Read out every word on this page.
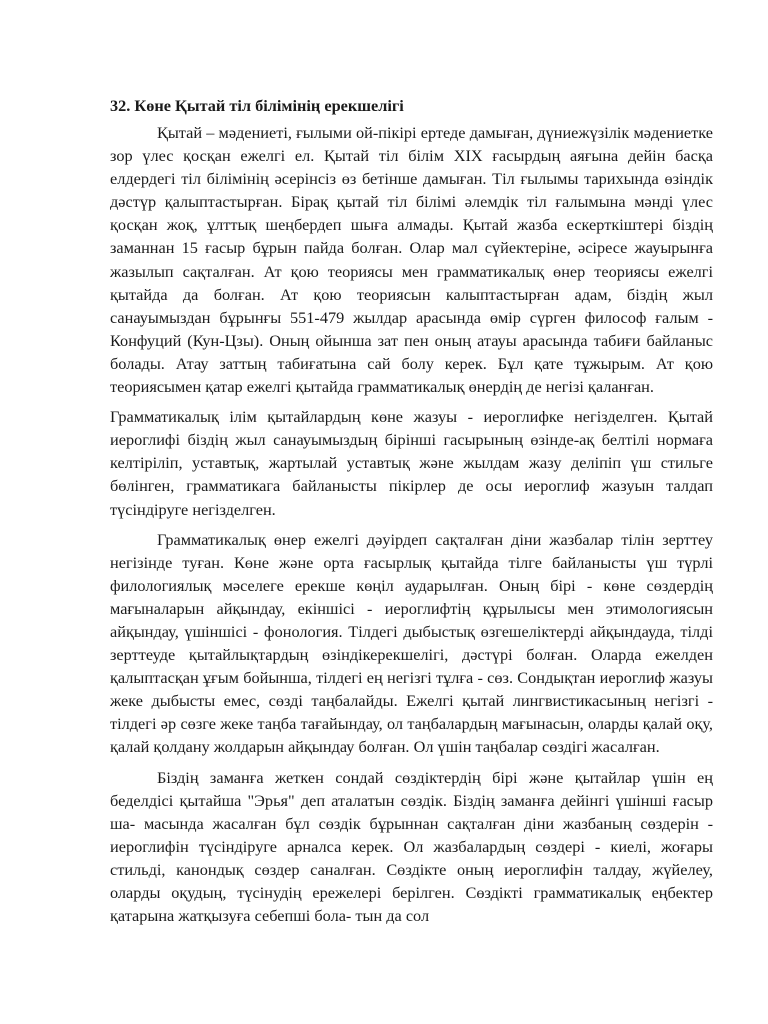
32. Көне Қытай тіл білімінің ерекшелігі

Қытай – мәдениеті, ғылыми ой-пікірі ертеде дамыған, дүниежүзілік мәдениетке зор үлес қосқан ежелгі ел. Қытай тіл білім XIX ғасырдың аяғына дейін басқа елдердегі тіл білімінің әсерінсіз өз бетінше дамыған. Тіл ғылымы тарихында өзіндік дәстүр қалыптастырған. Бірақ қытай тіл білімі әлемдік тіл ғалымына мәнді үлес қосқан жоқ, ұлттық шеңбердеп шыға алмады. Қытай жазба ескерткіштері біздің заманнан 15 ғасыр бұрын пайда болған. Олар мал сүйектеріне, әсіресе жауырынға жазылып сақталған. Ат қою теориясы мен грамматикалық өнер теориясы ежелгі қытайда да болған. Ат қою теориясын калыптастырған адам, біздің жыл санауымыздан бұрынғы 551-479 жылдар арасында өмір сүрген философ ғалым - Конфуций (Кун-Цзы). Оның ойынша зат пен оның атауы арасында табиғи байланыс болады. Атау заттың табиғатына сай болу керек. Бұл қате тұжырым. Ат қою теориясымен қатар ежелгі қытайда грамматикалық өнердің де негізі қаланған.

Грамматикалық ілім қытайлардың көне жазуы - иероглифке негізделген. Қытай иероглифі біздің жыл санауымыздың бірінші гасырының өзінде-ақ белтілі нормаға келтіріліп, уставтық, жартылай уставтық және жылдам жазу деліпіп үш стильге бөлінген, грамматикага байланысты пікірлер де осы иероглиф жазуын талдап түсіндіруге негізделген.

Грамматикалық өнер ежелгі дәуірдеп сақталған діни жазбалар тілін зерттеу негізінде туған. Көне және орта ғасырлық қытайда тілге байланысты үш түрлі филологиялық мәселеге ерекше көңіл аударылған. Оның бірі - көне сөздердің мағыналарын айқындау, екіншісі - иероглифтің құрылысы мен этимологиясын айқындау, үшіншісі - фонология. Тілдегі дыбыстық өзгешеліктерді айқындауда, тілді зерттеуде қытайлықтардың өзіндікерекшелігі, дәстүрі болған. Оларда ежелден қалыптасқан ұғым бойынша, тілдегі ең негізгі тұлға - сөз. Сондықтан иероглиф жазуы жеке дыбысты емес, сөзді таңбалайды. Ежелгі қытай лингвистикасының негізгі - тілдегі әр сөзге жеке таңба тағайындау, ол таңбалардың мағынасын, оларды қалай оқу, қалай қолдану жолдарын айқындау болған. Ол үшін таңбалар сөздігі жасалған.

Біздің заманға жеткен сондай сөздіктердің бірі және қытайлар үшін ең беделдісі қытайша "Эрья" деп аталатын сөздік. Біздің заманға дейінгі үшінші ғасыр ша- масында жасалған бұл сөздік бұрыннан сақталған діни жазбаның сөздерін - иероглифін түсіндіруге арналса керек. Ол жазбалардың сөздері - киелі, жоғары стильді, канондық сөздер саналған. Сөздікте оның иероглифін талдау, жүйелеу, оларды оқудың, түсінудің ережелері берілген. Сөздікті грамматикалық еңбектер қатарына жатқызуға себепші бола- тын да сол
